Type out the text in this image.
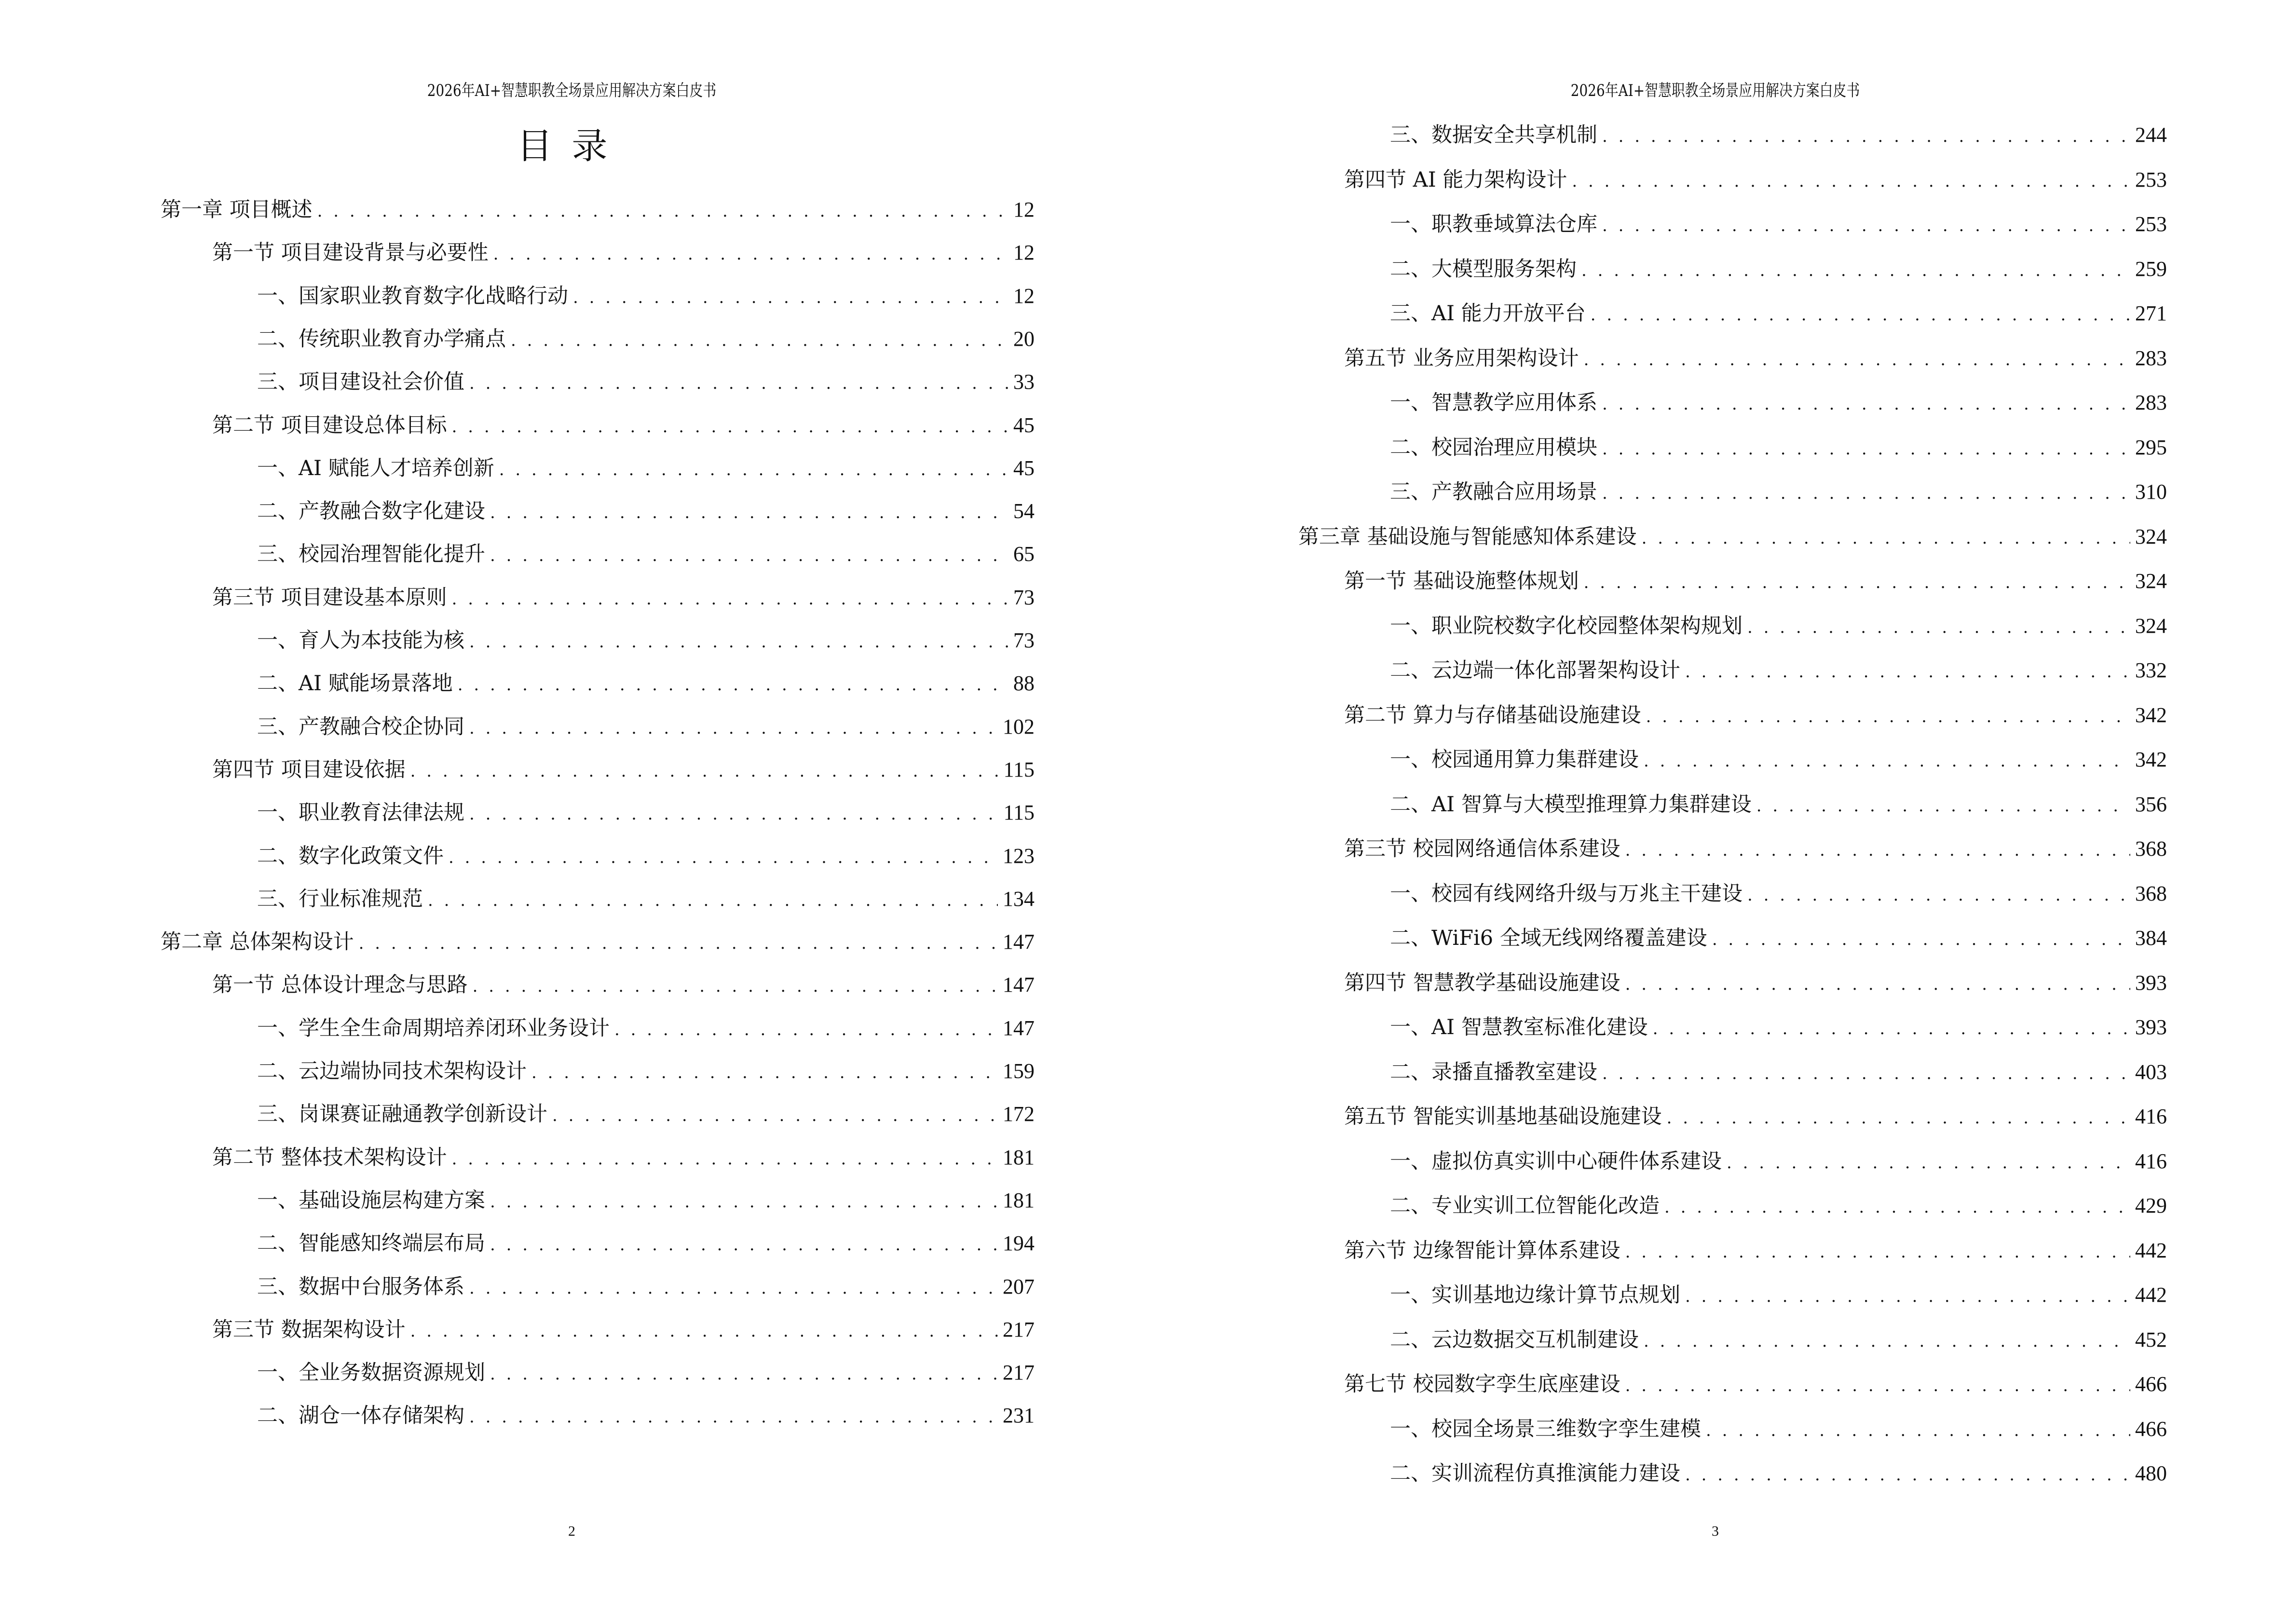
2026年AI+智慧职教全场景应用解决方案白皮书
目录
第一章 项目概述 . . .	12
第一节 项目建设背景与必要性 . . .	12
一、国家职业教育数字化战略行动 . . .	12
二、传统职业教育办学痛点 . . .	20
三、项目建设社会价值 . . .	33
第二节 项目建设总体目标 . . .	45
一、AI 赋能人才培养创新 . . .	45
二、产教融合数字化建设 . . .	54
三、校园治理智能化提升 . . .	65
第三节 项目建设基本原则 . . .	73
一、育人为本技能为核 . . .	73
二、AI 赋能场景落地 . . .	88
三、产教融合校企协同 . . .	102
第四节 项目建设依据 . . .	115
一、职业教育法律法规 . . .	115
二、数字化政策文件 . . .	123
三、行业标准规范 . . .	134
第二章 总体架构设计 . . .	147
第一节 总体设计理念与思路 . . .	147
一、学生全生命周期培养闭环业务设计 . . .	147
二、云边端协同技术架构设计 . . .	159
三、岗课赛证融通教学创新设计 . . .	172
第二节 整体技术架构设计 . . .	181
一、基础设施层构建方案 . . .	181
二、智能感知终端层布局 . . .	194
三、数据中台服务体系 . . .	207
第三节 数据架构设计 . . .	217
一、全业务数据资源规划 . . .	217
二、湖仓一体存储架构 . . .	231
2
2026年AI+智慧职教全场景应用解决方案白皮书
三、数据安全共享机制 . . .	244
第四节 AI 能力架构设计 . . .	253
一、职教垂域算法仓库 . . .	253
二、大模型服务架构 . . .	259
三、AI 能力开放平台 . . .	271
第五节 业务应用架构设计 . . .	283
一、智慧教学应用体系 . . .	283
二、校园治理应用模块 . . .	295
三、产教融合应用场景 . . .	310
第三章 基础设施与智能感知体系建设 . . .	324
第一节 基础设施整体规划 . . .	324
一、职业院校数字化校园整体架构规划 . . .	324
二、云边端一体化部署架构设计 . . .	332
第二节 算力与存储基础设施建设 . . .	342
一、校园通用算力集群建设 . . .	342
二、AI 智算与大模型推理算力集群建设 . . .	356
第三节 校园网络通信体系建设 . . .	368
一、校园有线网络升级与万兆主干建设 . . .	368
二、WiFi6 全域无线网络覆盖建设 . . .	384
第四节 智慧教学基础设施建设 . . .	393
一、AI 智慧教室标准化建设 . . .	393
二、录播直播教室建设 . . .	403
第五节 智能实训基地基础设施建设 . . .	416
一、虚拟仿真实训中心硬件体系建设 . . .	416
二、专业实训工位智能化改造 . . .	429
第六节 边缘智能计算体系建设 . . .	442
一、实训基地边缘计算节点规划 . . .	442
二、云边数据交互机制建设 . . .	452
第七节 校园数字孪生底座建设 . . .	466
一、校园全场景三维数字孪生建模 . . .	466
二、实训流程仿真推演能力建设 . . .	480
3
